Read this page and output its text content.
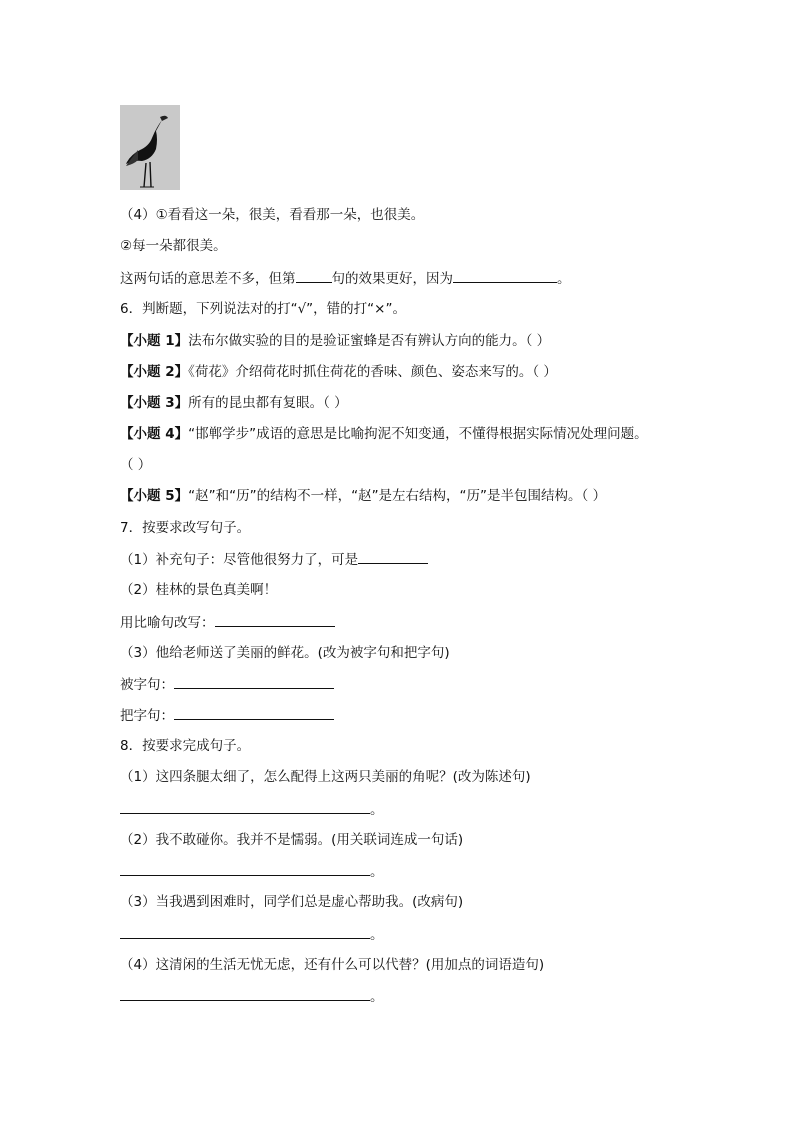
（4）①看看这一朵，很美，看看那一朵，也很美。
②每一朵都很美。
这两句话的意思差不多，但第	句的效果更好，因为	。
6．判断题，下列说法对的打“√”，错的打“×”。
【小题 1】法布尔做实验的目的是验证蜜蜂是否有辨认方向的能力。（ ）
【小题 2】《荷花》介绍荷花时抓住荷花的香味、颜色、姿态来写的。（ ）
【小题 3】所有的昆虫都有复眼。（ ）
【小题 4】“邯郸学步”成语的意思是比喻拘泥不知变通，不懂得根据实际情况处理问题。
（ ）
【小题 5】“赵”和“历”的结构不一样，“赵”是左右结构，“历”是半包围结构。（ ）
7．按要求改写句子。
（1）补充句子：尽管他很努力了，可是
（2）桂林的景色真美啊！
用比喻句改写：
（3）他给老师送了美丽的鲜花。(改为被字句和把字句)
被字句：
把字句：
8．按要求完成句子。
（1）这四条腿太细了，怎么配得上这两只美丽的角呢？(改为陈述句)
。
（2）我不敢碰你。我并不是懦弱。(用关联词连成一句话)
。
（3）当我遇到困难时，同学们总是虚心帮助我。(改病句)
。
（4）这清闲的生活无忧无虑，还有什么可以代替？(用加点的词语造句)
。
